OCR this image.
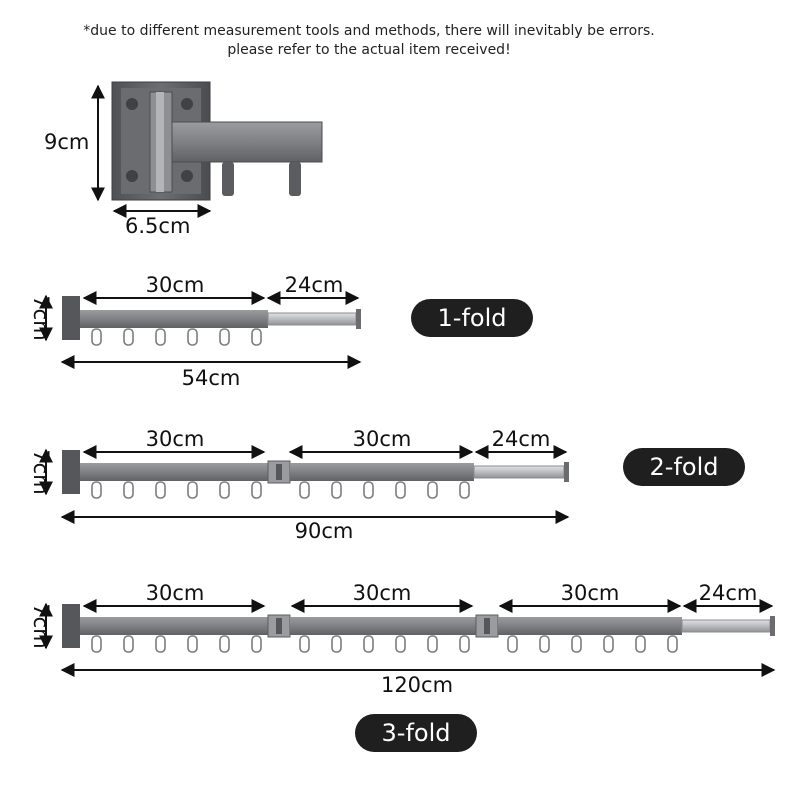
*due to different measurement tools and methods, there will inevitably be errors.
please refer to the actual item received!
9cm
6.5cm
7cm
30cm	24cm
54cm
7cm
30cm	30cm	24cm
90cm
7cm
30cm	30cm	30cm	24cm
120cm
1-fold
2-fold
3-fold
